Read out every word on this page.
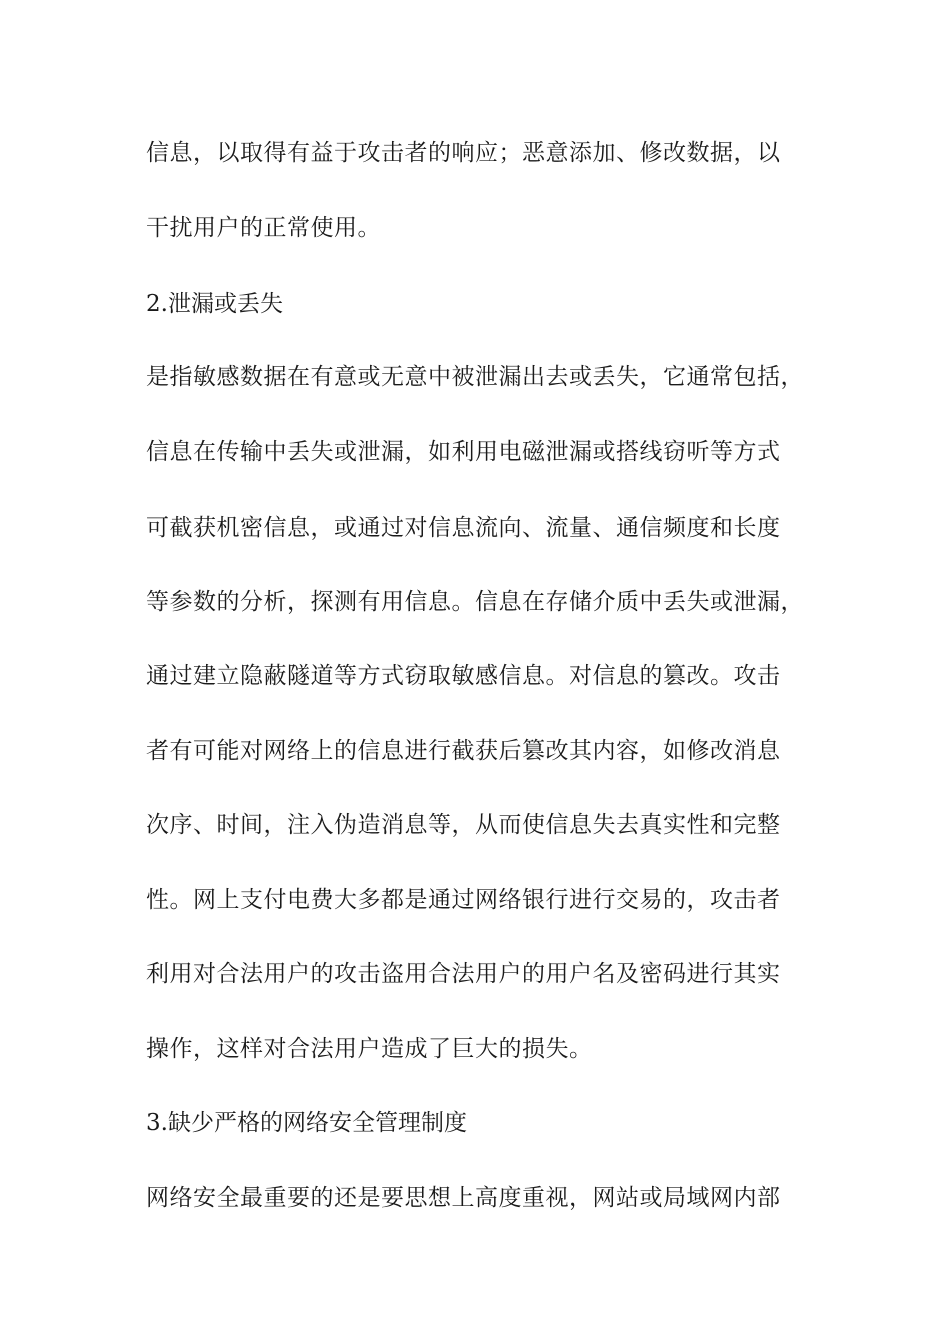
信息，以取得有益于攻击者的响应；恶意添加、修改数据，以
干扰用户的正常使用。
2.泄漏或丢失
是指敏感数据在有意或无意中被泄漏出去或丢失，它通常包括，
信息在传输中丢失或泄漏，如利用电磁泄漏或搭线窃听等方式
可截获机密信息，或通过对信息流向、流量、通信频度和长度
等参数的分析，探测有用信息。信息在存储介质中丢失或泄漏，
通过建立隐蔽隧道等方式窃取敏感信息。对信息的篡改。攻击
者有可能对网络上的信息进行截获后篡改其内容，如修改消息
次序、时间，注入伪造消息等，从而使信息失去真实性和完整
性。网上支付电费大多都是通过网络银行进行交易的，攻击者
利用对合法用户的攻击盗用合法用户的用户名及密码进行其实
操作，这样对合法用户造成了巨大的损失。
3.缺少严格的网络安全管理制度
网络安全最重要的还是要思想上高度重视，网站或局域网内部
